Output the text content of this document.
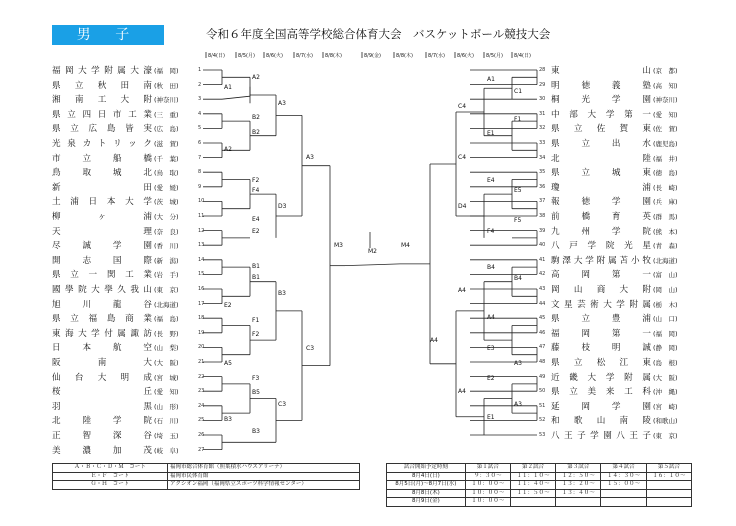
男 子	令和６年度全国高等学校総合体育大会　バスケットボール競技大会
8/4(日)	8/5(月) 8/6(火)	8/7(水) 8/8(木)	8/9(金)	8/8(木)	8/7(水) 8/6(火) 8/5(月) 8/4(日)
福岡大学附属大濠 (福　岡)	1
県立秋田南 (秋　田)	2
湘南工大附 (神奈川)	3
県立四日市工業 (三　重)	4
県立広島皆実 (広　島)	5
光泉カトリック (滋　賀)	6
市立船橋 (千　葉)	7
鳥取城北 (鳥　取)	8
新田 (愛　媛)	9
土浦日本大学 (茨　城)	10
柳ヶ浦 (大　分)	11
天理 (奈　良)	12
尽誠学園 (香　川)	13
開志国際 (新　潟)	14
県立一関工業 (岩　手)	15
國學院大學久我山 (東　京)	16
旭川龍谷 (北海道)	17
県立福島商業 (福　島)	18
東海大学付属諏訪 (長　野)	19
日本航空 (山　梨)	20
阪南大 (大　阪)	21
仙台大明成 (宮　城)	22
桜丘 (愛　知)	23
羽黒 (山　形)	24
北陸学院 (石　川)	25
正智深谷 (埼　玉)	26
美濃加茂 (岐　阜)	27
東山 (京　都)
28
明徳義塾 (高　知)
29
桐光学園 (神奈川)
30
中部大学第一 (愛　知)
31
県立佐賀東 (佐　賀)
32
県立出水 (鹿児島)
33
北陸 (福　井)
34
県立城東 (徳　島)
35
瓊浦 (長　崎)
36
報徳学園 (兵　庫)
37
前橋育英 (群　馬)
38
九州学院 (熊　本)
39
八戸学院光星 (青　森)
40
駒澤大学附属苫小牧 (北海道)
41
高岡第一 (富　山)
42
岡山商大附 (岡　山)
43
文星芸術大学附属 (栃　木)
44
県立豊浦 (山　口)
45
福岡第一 (福　岡)
46
藤枝明誠 (静　岡)
47
県立松江東 (島　根)
48
近畿大学附属 (大　阪)
49
県立美来工科 (沖　縄)
50
延岡学園 (宮　崎)
51
和歌山南陵 (和歌山)
52
八王子学園八王子 (東　京)
53
A2
A1
A3
B2
B2
A2
A3
F2
F4
D3
E4
E2
B1
B1
B3
E2
F1
F2
C3
A5
F3
B5
C3
B3
B3
M3
M2
M4
A1
C1
C4
F1
E1
C4
E4
E5
D4
F5
F4
B4
A4
B4
A4
A4
E3
A3
E2
A4
A3
E1
Ａ・Ｂ・Ｃ・Ｄ・Ｍ　コート	福岡市総合体育館（照葉積水ハウスアリーナ）
Ｅ・Ｆ　コート	福岡市民体育館
Ｇ・Ｈ　コート	アクシオン福岡（福岡県立スポーツ科学情報センター）
試合開始予定時刻	第１試合	第２試合	第３試合	第４試合	第５試合
8月4日(日)	９：３０～	１１：１０～	１２：５０～	１４：３０～	１６：１０～
8月5日(月)～8月7日(水)	１０：００～	１１：４０～	１３：２０～	１５：００～	
8月8日(木)	１０：００～	１１：５０～	１３：４０～		
8月9日(金)	１０：００～				
